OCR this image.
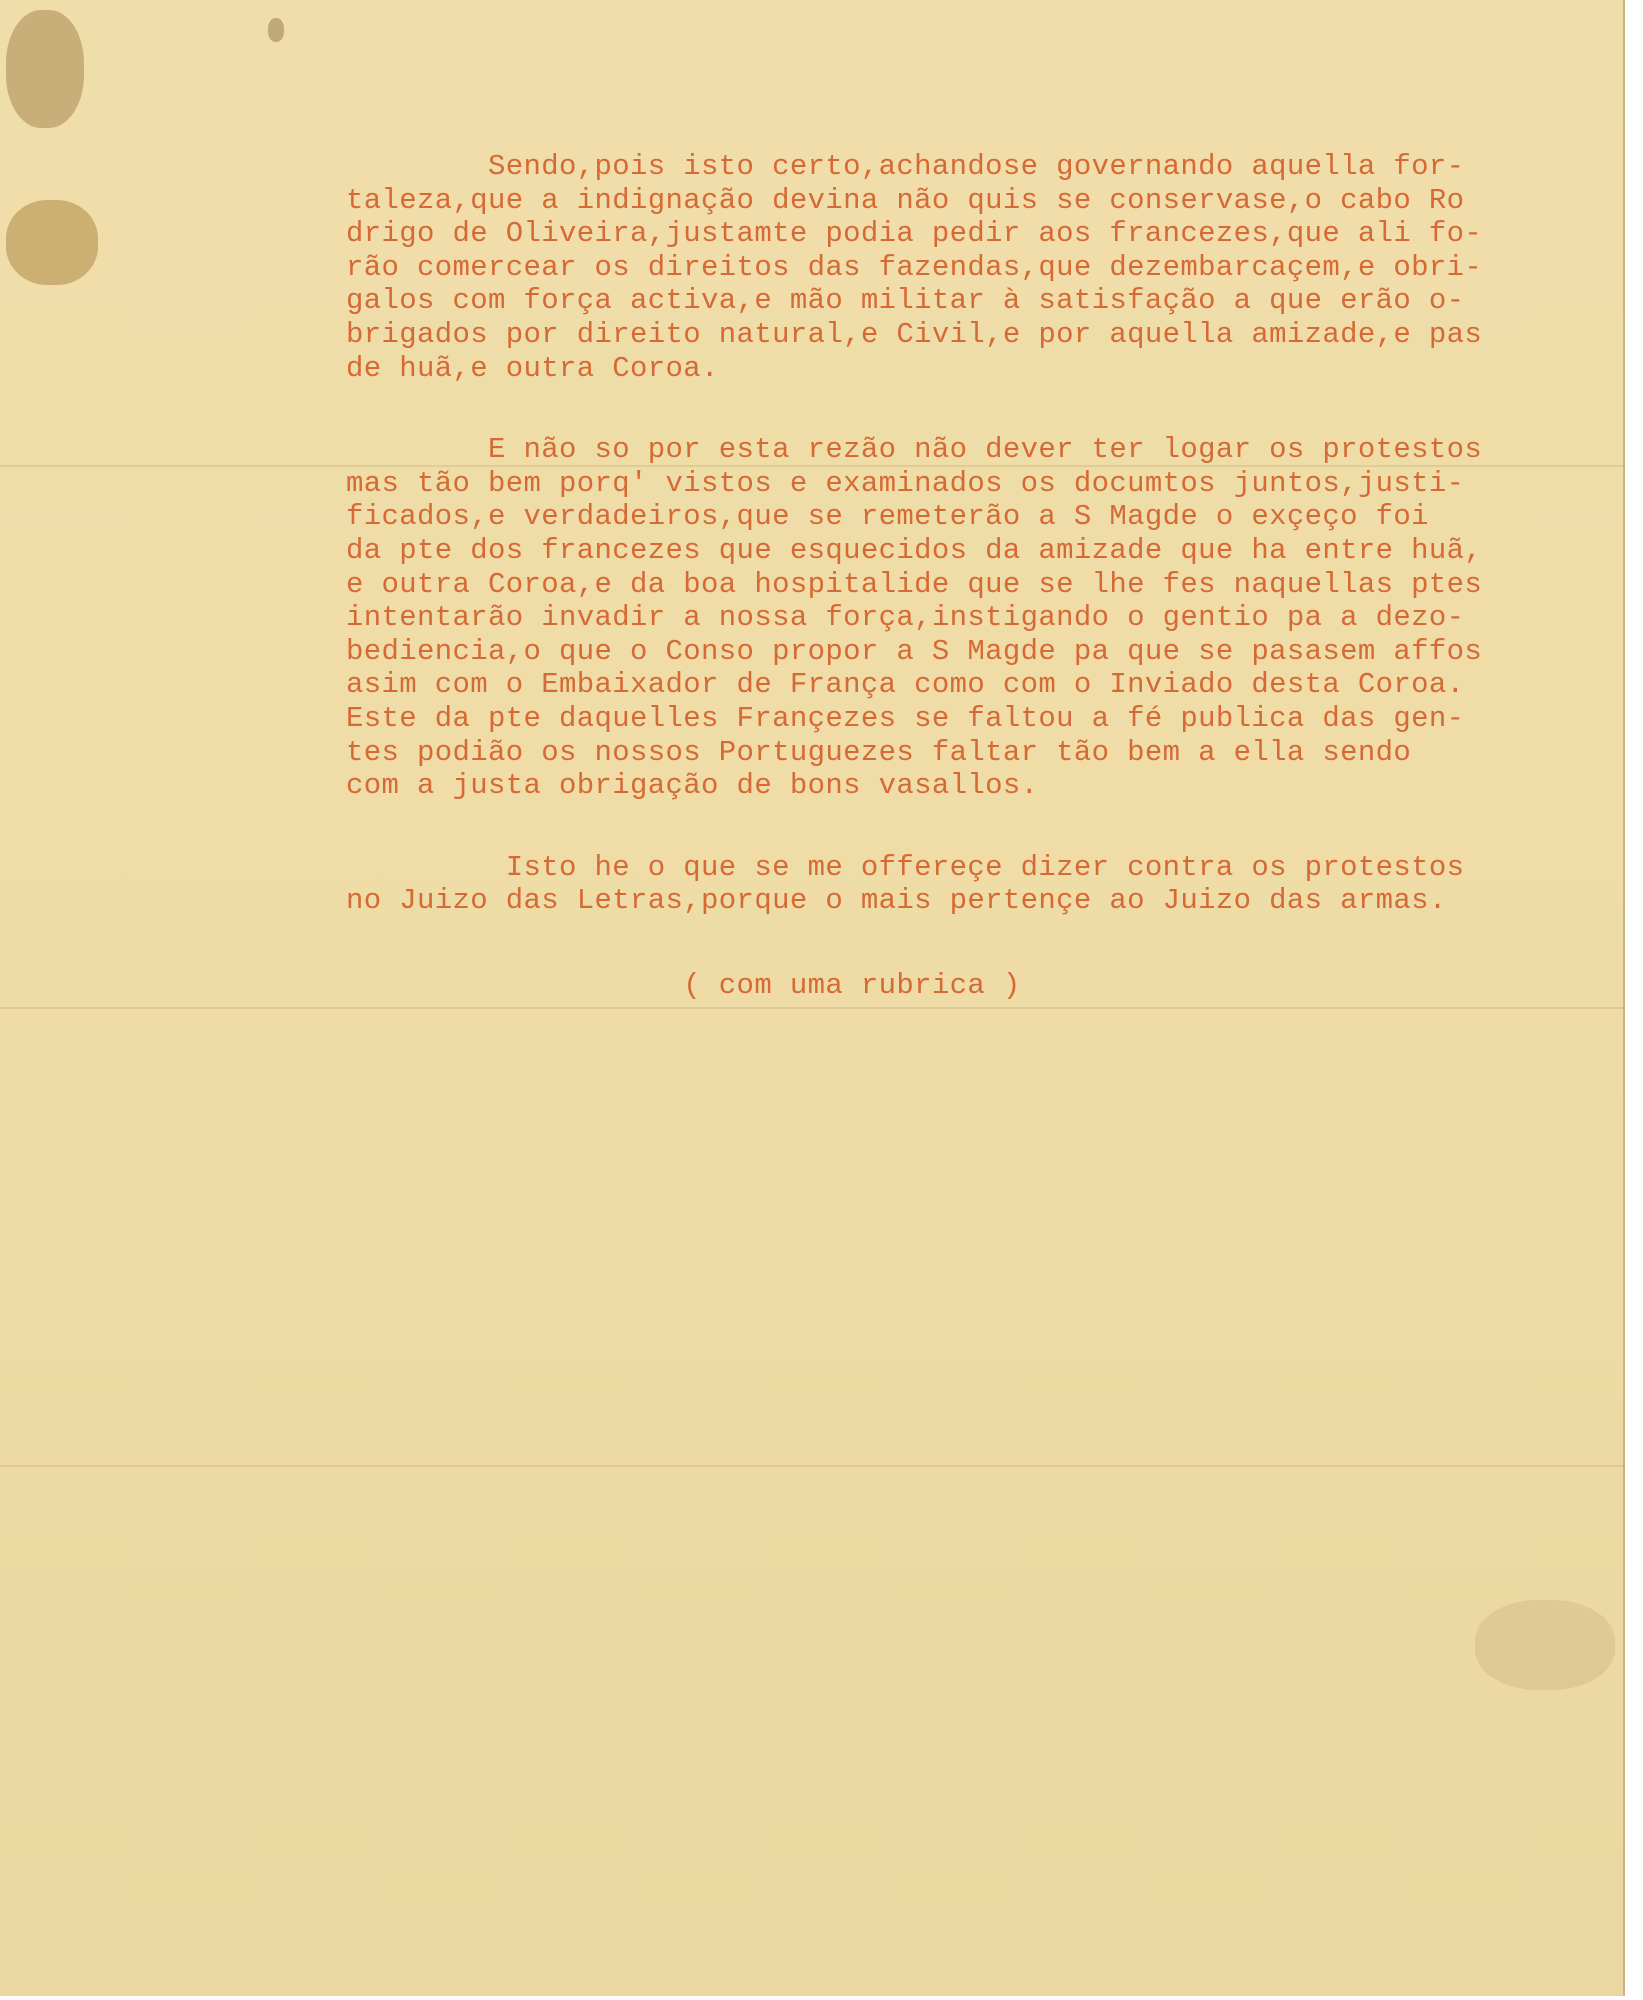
Sendo,pois isto certo,achandose governando aquella for-
taleza,que a indignação devina não quis se conservase,o cabo Ro
drigo de Oliveira,justamte podia pedir aos francezes,que ali fo-
rão comercear os direitos das fazendas,que dezembarcaçem,e obri-
galos com força activa,e mão militar à satisfação a que erão o-
brigados por direito natural,e Civil,e por aquella amizade,e pas
de huã,e outra Coroa.
E não so por esta rezão não dever ter logar os protestos
mas tão bem porq' vistos e examinados os documtos juntos,justi-
ficados,e verdadeiros,que se remeterão a S Magde o exçeço foi
da pte dos francezes que esquecidos da amizade que ha entre huã,
e outra Coroa,e da boa hospitalide que se lhe fes naquellas ptes
intentarão invadir a nossa força,instigando o gentio pa a dezo-
bediencia,o que o Conso propor a S Magde pa que se pasasem affos
asim com o Embaixador de França como com o Inviado desta Coroa.
Este da pte daquelles Françezes se faltou a fé publica das gen-
tes podião os nossos Portuguezes faltar tão bem a ella sendo
com a justa obrigação de bons vasallos.
Isto he o que se me offereçe dizer contra os protestos
no Juizo das Letras,porque o mais pertençe ao Juizo das armas.
( com uma rubrica )
